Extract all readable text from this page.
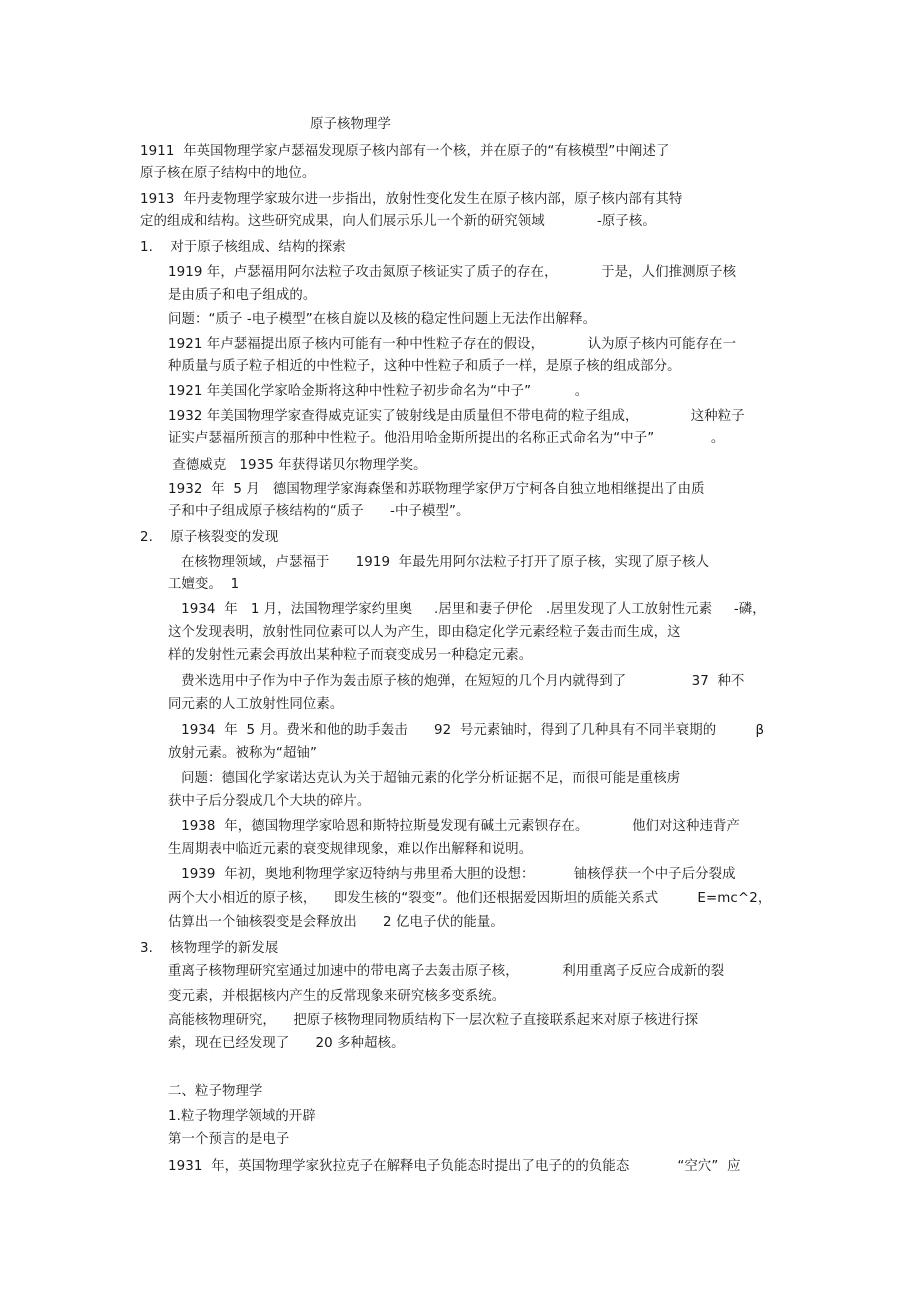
原子核物理学
1911  年英国物理学家卢瑟福发现原子核内部有一个核，并在原子的“有核模型”中阐述了
原子核在原子结构中的地位。
1913  年丹麦物理学家玻尔进一步指出，放射性变化发生在原子核内部，原子核内部有其特
定的组成和结构。这些研究成果，向人们展示乐儿一个新的研究领域            -原子核。
1.    对于原子核组成、结构的探索
1919 年，卢瑟福用阿尔法粒子攻击氮原子核证实了质子的存在，          于是，人们推测原子核
是由质子和电子组成的。
问题：“质子 -电子模型”在核自旋以及核的稳定性问题上无法作出解释。
1921 年卢瑟福提出原子核内可能有一种中性粒子存在的假设，          认为原子核内可能存在一
种质量与质子粒子相近的中性粒子，这种中性粒子和质子一样，是原子核的组成部分。
1921 年美国化学家哈金斯将这种中性粒子初步命名为“中子”          。
1932 年美国物理学家查得威克证实了铍射线是由质量但不带电荷的粒子组成，            这种粒子
证实卢瑟福所预言的那种中性粒子。他沿用哈金斯所提出的名称正式命名为“中子”             。
查德威克   1935 年获得诺贝尔物理学奖。
1932  年  5 月   德国物理学家海森堡和苏联物理学家伊万宁柯各自独立地相继提出了由质
子和中子组成原子核结构的“质子      -中子模型”。
2.    原子核裂变的发现
在核物理领域，卢瑟福于      1919  年最先用阿尔法粒子打开了原子核，实现了原子核人
工嬗变。  1
1934  年   1 月，法国物理学家约里奥     .居里和妻子伊伦   .居里发现了人工放射性元素     -磷，
这个发现表明，放射性同位素可以人为产生，即由稳定化学元素经粒子轰击而生成，这
样的发射性元素会再放出某种粒子而衰变成另一种稳定元素。
费米选用中子作为中子作为轰击原子核的炮弹，在短短的几个月内就得到了               37  种不
同元素的人工放射性同位素。
1934  年  5 月。费米和他的助手轰击      92  号元素铀时，得到了几种具有不同半衰期的         β
放射元素。被称为“超铀”
问题：德国化学家诺达克认为关于超铀元素的化学分析证据不足，而很可能是重核虏
获中子后分裂成几个大块的碎片。
1938  年，德国物理学家哈恩和斯特拉斯曼发现有碱土元素钡存在。          他们对这种违背产
生周期表中临近元素的衰变规律现象，难以作出解释和说明。
1939  年初，奥地利物理学家迈特纳与弗里希大胆的设想：         铀核俘获一个中子后分裂成
两个大小相近的原子核，    即发生核的“裂变”。他们还根据爱因斯坦的质能关系式         E=mc^2，
估算出一个铀核裂变是会释放出      2 亿电子伏的能量。
3.    核物理学的新发展
重离子核物理研究室通过加速中的带电离子去轰击原子核，          利用重离子反应合成新的裂
变元素，并根据核内产生的反常现象来研究核多变系统。
高能核物理研究，    把原子核物理同物质结构下一层次粒子直接联系起来对原子核进行探
索，现在已经发现了      20 多种超核。
二、粒子物理学
1.粒子物理学领域的开辟
第一个预言的是电子
1931  年，英国物理学家狄拉克子在解释电子负能态时提出了电子的的负能态           “空穴”  应
